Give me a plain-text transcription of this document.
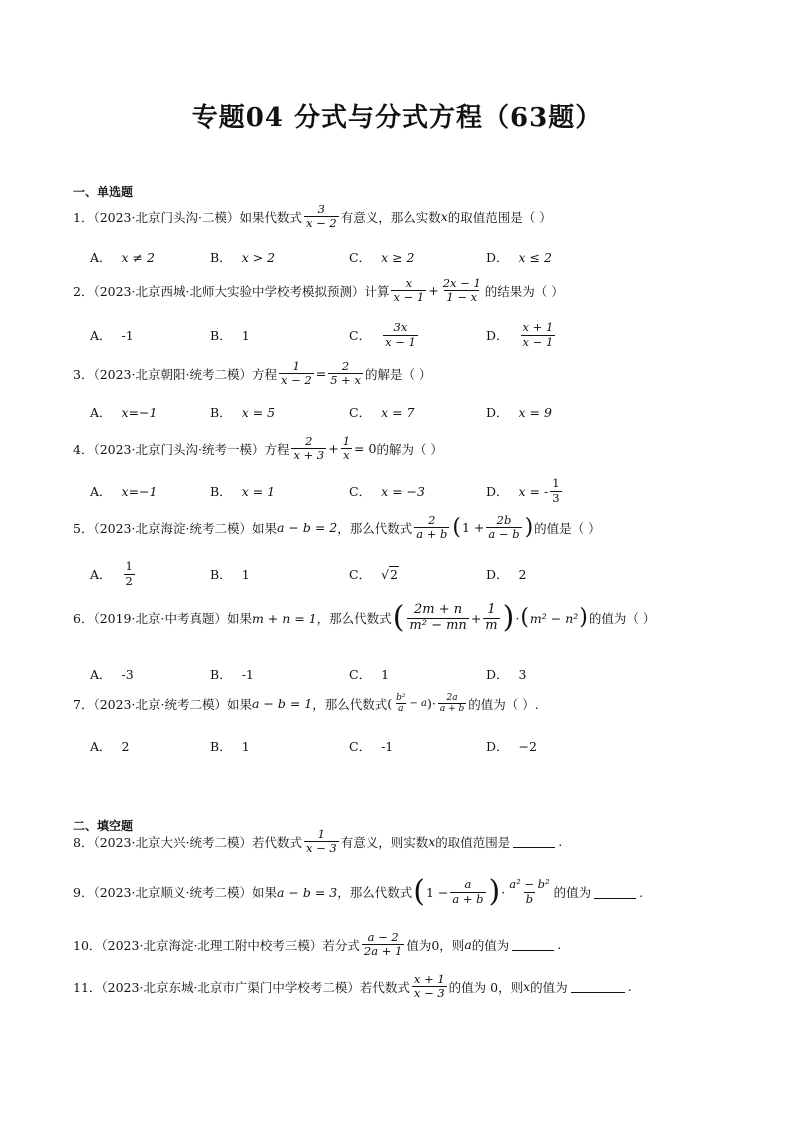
专题04 分式与分式方程（63题）
一、单选题
1．（2023·北京门头沟·二模）如果代数式 $\frac{3}{x - 2}$ 有意义，那么实数 x 的取值范围是（ ）
A． x ≠ 2	B． x > 2	C． x ≥ 2	D． x ≤ 2
2．（2023·北京西城·北师大实验中学校考模拟预测）计算 $\frac{x}{x - 1} + \frac{2x - 1}{1 - x}$ 的结果为（ ）
A． -1	B． 1	C． $\frac{3x}{x - 1}$	D． $\frac{x + 1}{x - 1}$
3．（2023·北京朝阳·统考二模）方程 $\frac{1}{x - 2} = \frac{2}{5 + x}$ 的解是（ ）
A． x=−1	B． x = 5	C． x = 7	D． x = 9
4．（2023·北京门头沟·统考一模）方程 $\frac{2}{x + 3} + \frac{1}{x} = 0$ 的解为（ ）
A． x=−1	B． x = 1	C． x = −3	D． x = - $\frac{1}{3}$
5．（2023·北京海淀·统考二模）如果 a − b = 2 ，那么代数式 $\frac{2}{a + b}$ ( $1 + \frac{2b}{a - b}$ ) 的值是（ ）
A． $\frac{1}{2}$	B． 1	C． √ 2	D． 2
6．（2019·北京·中考真题）如果 m + n = 1 ，那么代数式 ( $\frac{2m + n}{\text{m² − mn}} + \frac{1}{m}$ ) · ( m² − n² ) 的值为（ ）
A． -3	B． -1	C． 1	D． 3
7．（2023·北京·统考二模）如果 a − b = 1 ，那么代数式 ( $\frac{\text{b²}}{a} - a$ ) · $\frac{2a}{a + b}$ 的值为（ ）.
A． 2	B． 1	C． -1	D． −2
二、填空题
8．（2023·北京大兴·统考二模）若代数式 $\frac{1}{x - 3}$ 有意义，则实数 x 的取值范围是	.
9．（2023·北京顺义·统考二模）如果 a − b = 3 ，那么代数式 ( $1 - \frac{a}{a + b}$ ) · $\frac{\text{a² − b²}}{b}$ 的值为	.
10．（2023·北京海淀·北理工附中校考三模）若分式 $\frac{a - 2}{2a + 1}$ 值为0，则 a 的值为	.
11．（2023·北京东城·北京市广渠门中学校考二模）若代数式 $\frac{x + 1}{x - 3}$ 的值为 0，则 x 的值为	.
